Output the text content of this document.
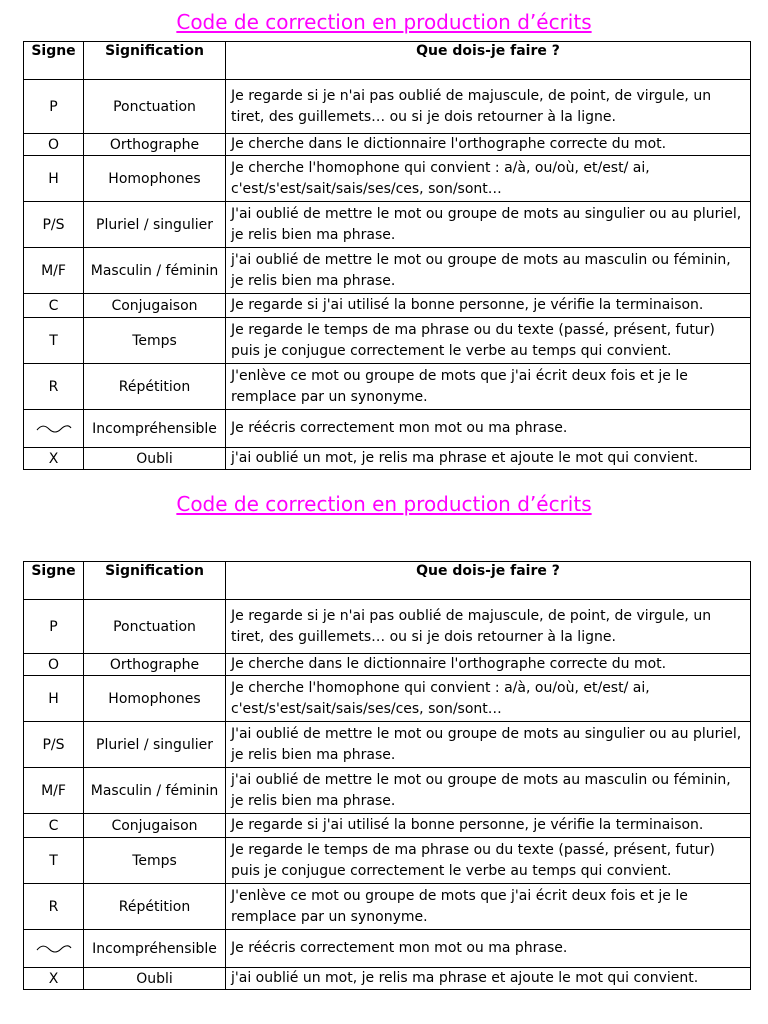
Code de correction en production d’écrits
Signe	Signification	Que dois-je faire ?
P	Ponctuation	Je regarde si je n'ai pas oublié de majuscule, de point, de virgule, un tiret, des guillemets… ou si je dois retourner à la ligne.
O	Orthographe	Je cherche dans le dictionnaire l'orthographe correcte du mot.
H	Homophones	Je cherche l'homophone qui convient : a/à, ou/où, et/est/ ai, c'est/s'est/sait/sais/ses/ces, son/sont…
P/S	Pluriel / singulier	J'ai oublié de mettre le mot ou groupe de mots au singulier ou au pluriel, je relis bien ma phrase.
M/F	Masculin / féminin	j'ai oublié de mettre le mot ou groupe de mots au masculin ou féminin, je relis bien ma phrase.
C	Conjugaison	Je regarde si j'ai utilisé la bonne personne, je vérifie la terminaison.
T	Temps	Je regarde le temps de ma phrase ou du texte (passé, présent, futur) puis je conjugue correctement le verbe au temps qui convient.
R	Répétition	J'enlève ce mot ou groupe de mots que j'ai écrit deux fois et je le remplace par un synonyme.

	Incompréhensible	Je réécris correctement mon mot ou ma phrase.
X	Oubli	j'ai oublié un mot, je relis ma phrase et ajoute le mot qui convient.
Code de correction en production d’écrits
Signe	Signification	Que dois-je faire ?
P	Ponctuation	Je regarde si je n'ai pas oublié de majuscule, de point, de virgule, un tiret, des guillemets… ou si je dois retourner à la ligne.
O	Orthographe	Je cherche dans le dictionnaire l'orthographe correcte du mot.
H	Homophones	Je cherche l'homophone qui convient : a/à, ou/où, et/est/ ai, c'est/s'est/sait/sais/ses/ces, son/sont…
P/S	Pluriel / singulier	J'ai oublié de mettre le mot ou groupe de mots au singulier ou au pluriel, je relis bien ma phrase.
M/F	Masculin / féminin	j'ai oublié de mettre le mot ou groupe de mots au masculin ou féminin, je relis bien ma phrase.
C	Conjugaison	Je regarde si j'ai utilisé la bonne personne, je vérifie la terminaison.
T	Temps	Je regarde le temps de ma phrase ou du texte (passé, présent, futur) puis je conjugue correctement le verbe au temps qui convient.
R	Répétition	J'enlève ce mot ou groupe de mots que j'ai écrit deux fois et je le remplace par un synonyme.

	Incompréhensible	Je réécris correctement mon mot ou ma phrase.
X	Oubli	j'ai oublié un mot, je relis ma phrase et ajoute le mot qui convient.
